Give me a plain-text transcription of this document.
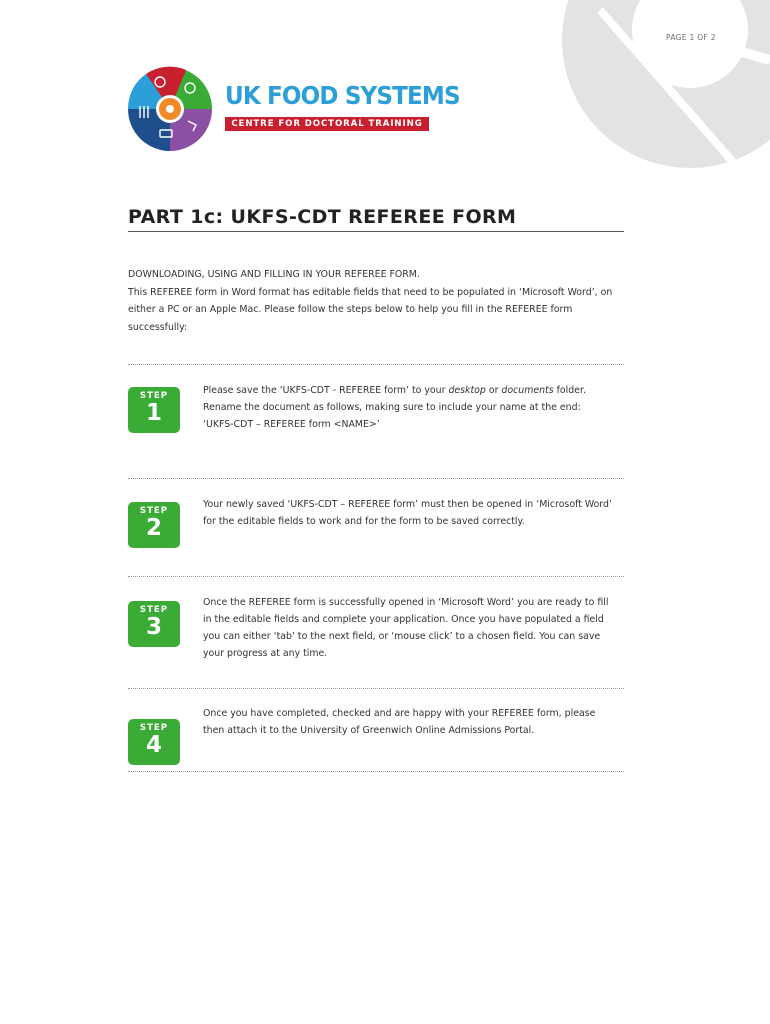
PAGE 1 OF 2
UK FOOD SYSTEMS
CENTRE FOR DOCTORAL TRAINING
PART 1c: UKFS-CDT REFEREE FORM

DOWNLOADING, USING AND FILLING IN YOUR REFEREE FORM.

This REFEREE form in Word format has editable fields that need to be populated in ‘Microsoft Word’, on either a PC or an Apple Mac. Please follow the steps below to help you fill in the REFEREE form successfully:

STEP
1

Please save the ‘UKFS-CDT - REFEREE form’ to your desktop or documents folder. Rename the document as follows, making sure to include your name at the end:

‘UKFS-CDT – REFEREE form <NAME>’

STEP
2

Your newly saved ‘UKFS-CDT – REFEREE form’ must then be opened in ‘Microsoft Word’ for the editable fields to work and for the form to be saved correctly.

STEP
3

Once the REFEREE form is successfully opened in ‘Microsoft Word’ you are ready to fill in the editable fields and complete your application. Once you have populated a field you can either ‘tab’ to the next field, or ‘mouse click’ to a chosen field. You can save your progress at any time.

STEP
4

Once you have completed, checked and are happy with your REFEREE form, please then attach it to the University of Greenwich Online Admissions Portal.
